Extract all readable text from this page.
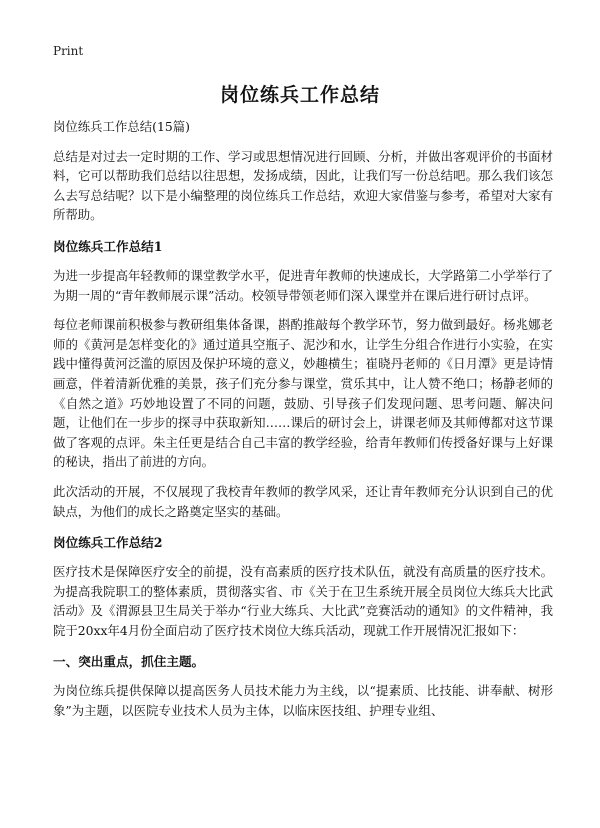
Print
岗位练兵工作总结

岗位练兵工作总结(15篇)

总结是对过去一定时期的工作、学习或思想情况进行回顾、分析，并做出客观评价的书面材料，它可以帮助我们总结以往思想，发扬成绩，因此，让我们写一份总结吧。那么我们该怎么去写总结呢？以下是小编整理的岗位练兵工作总结，欢迎大家借鉴与参考，希望对大家有所帮助。

岗位练兵工作总结1

为进一步提高年轻教师的课堂教学水平，促进青年教师的快速成长，大学路第二小学举行了为期一周的“青年教师展示课”活动。校领导带领老师们深入课堂并在课后进行研讨点评。

每位老师课前积极参与教研组集体备课，斟酌推敲每个教学环节，努力做到最好。杨兆娜老师的《黄河是怎样变化的》通过道具空瓶子、泥沙和水，让学生分组合作进行小实验，在实践中懂得黄河泛滥的原因及保护环境的意义，妙趣横生；崔晓丹老师的《日月潭》更是诗情画意，伴着清新优雅的美景，孩子们充分参与课堂，赏乐其中，让人赞不绝口；杨静老师的《自然之道》巧妙地设置了不同的问题，鼓励、引导孩子们发现问题、思考问题、解决问题，让他们在一步步的探寻中获取新知……课后的研讨会上，讲课老师及其师傅都对这节课做了客观的点评。朱主任更是结合自己丰富的教学经验，给青年教师们传授备好课与上好课的秘诀，指出了前进的方向。

此次活动的开展，不仅展现了我校青年教师的教学风采，还让青年教师充分认识到自己的优缺点，为他们的成长之路奠定坚实的基础。

岗位练兵工作总结2

医疗技术是保障医疗安全的前提，没有高素质的医疗技术队伍，就没有高质量的医疗技术。为提高我院职工的整体素质，贯彻落实省、市《关于在卫生系统开展全员岗位大练兵大比武活动》及《渭源县卫生局关于举办“行业大练兵、大比武”竞赛活动的通知》的文件精神，我院于20xx年4月份全面启动了医疗技术岗位大练兵活动，现就工作开展情况汇报如下：

一、突出重点，抓住主题。

为岗位练兵提供保障以提高医务人员技术能力为主线，以“提素质、比技能、讲奉献、树形象”为主题，以医院专业技术人员为主体，以临床医技组、护理专业组、
